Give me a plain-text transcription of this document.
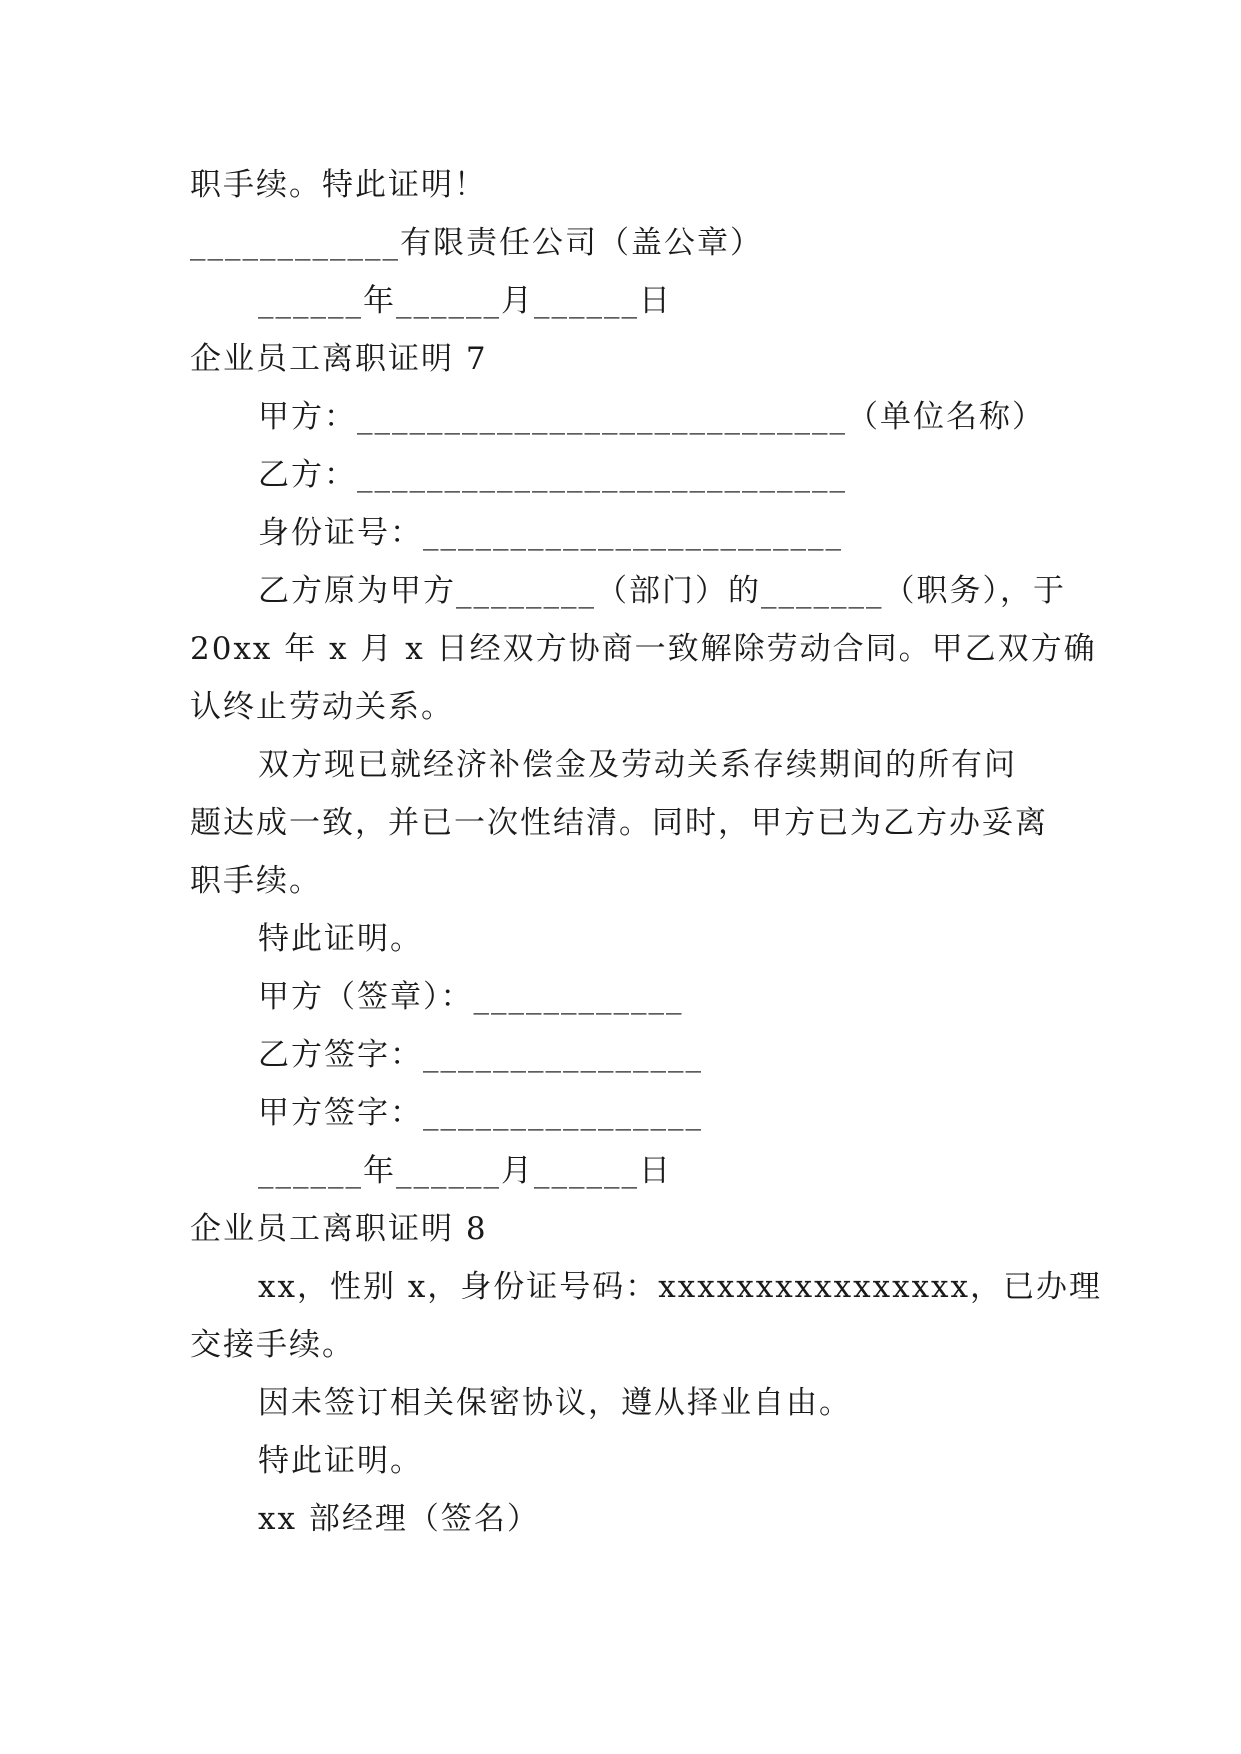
职手续。特此证明！
____________有限责任公司（盖公章）
______年______月______日
企业员工离职证明 7
甲方：____________________________（单位名称）
乙方：____________________________
身份证号：________________________
乙方原为甲方________（部门）的_______（职务），于
20xx 年 x 月 x 日经双方协商一致解除劳动合同。甲乙双方确
认终止劳动关系。
双方现已就经济补偿金及劳动关系存续期间的所有问
题达成一致，并已一次性结清。同时，甲方已为乙方办妥离
职手续。
特此证明。
甲方（签章）：____________
乙方签字：________________
甲方签字：________________
______年______月______日
企业员工离职证明 8
xx，性别 x，身份证号码：xxxxxxxxxxxxxxxx，已办理
交接手续。
因未签订相关保密协议，遵从择业自由。
特此证明。
xx 部经理（签名）
